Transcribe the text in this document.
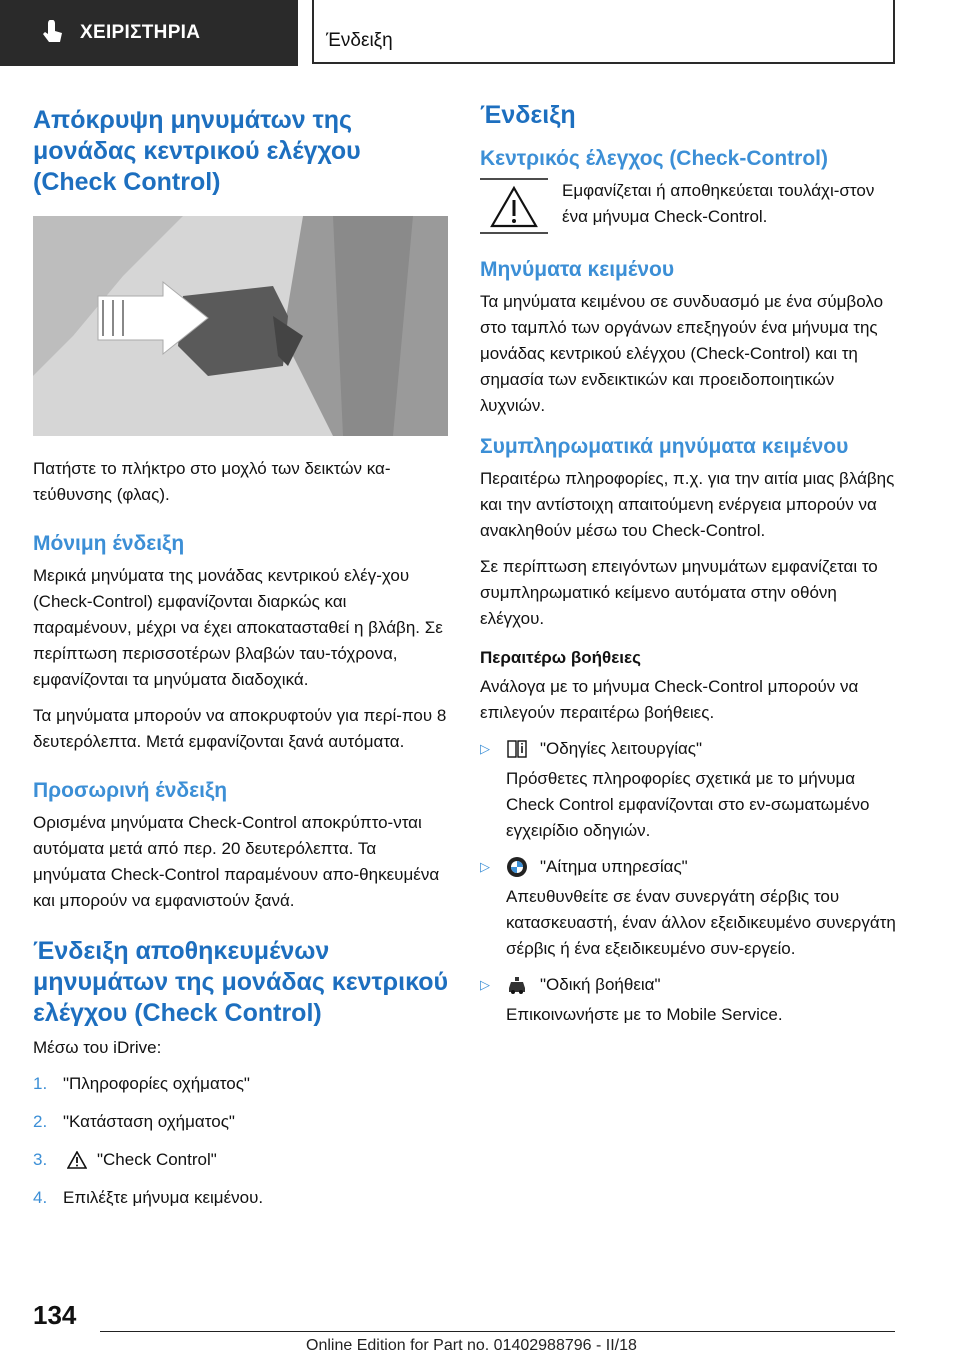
ΧΕΙΡΙΣΤΗΡΙΑ	Ένδειξη
Απόκρυψη μηνυμάτων της μονάδας κεντρικού ελέγχου (Check Control)

Πατήστε το πλήκτρο στο μοχλό των δεικτών κα-τεύθυνσης (φλας).

Μόνιμη ένδειξη

Μερικά μηνύματα της μονάδας κεντρικού ελέγ-χου (Check-Control) εμφανίζονται διαρκώς και παραμένουν, μέχρι να έχει αποκατασταθεί η βλάβη. Σε περίπτωση περισσοτέρων βλαβών ταυ-τόχρονα, εμφανίζονται τα μηνύματα διαδοχικά.

Τα μηνύματα μπορούν να αποκρυφτούν για περί-που 8 δευτερόλεπτα. Μετά εμφανίζονται ξανά αυτόματα.

Προσωρινή ένδειξη

Ορισμένα μηνύματα Check-Control αποκρύπτο-νται αυτόματα μετά από περ. 20 δευτερόλεπτα. Τα μηνύματα Check-Control παραμένουν απο-θηκευμένα και μπορούν να εμφανιστούν ξανά.

Ένδειξη αποθηκευμένων μηνυμάτων της μονάδας κεντρικού ελέγχου (Check Control)

Μέσω του iDrive:

1. "Πληροφορίες οχήματος"
2. "Κατάσταση οχήματος"
3.	"Check Control"
4. Επιλέξτε μήνυμα κειμένου.
Ένδειξη
Κεντρικός έλεγχος (Check-Control)

Εμφανίζεται ή αποθηκεύεται τουλάχι-στον ένα μήνυμα Check-Control.

Μηνύματα κειμένου

Τα μηνύματα κειμένου σε συνδυασμό με ένα σύμβολο στο ταμπλό των οργάνων επεξηγούν ένα μήνυμα της μονάδας κεντρικού ελέγχου (Check-Control) και τη σημασία των ενδεικτικών και προειδοποιητικών λυχνιών.

Συμπληρωματικά μηνύματα κειμένου

Περαιτέρω πληροφορίες, π.χ. για την αιτία μιας βλάβης και την αντίστοιχη απαιτούμενη ενέργεια μπορούν να ανακληθούν μέσω του Check-Control.

Σε περίπτωση επειγόντων μηνυμάτων εμφανίζεται το συμπληρωματικό κείμενο αυτόματα στην οθόνη ελέγχου.

Περαιτέρω βοήθειες

Ανάλογα με το μήνυμα Check-Control μπορούν να επιλεγούν περαιτέρω βοήθειες.

▷	"Οδηγίες λειτουργίας"

Πρόσθετες πληροφορίες σχετικά με το μήνυμα Check Control εμφανίζονται στο εν-σωματωμένο εγχειρίδιο οδηγιών.

▷	"Αίτημα υπηρεσίας"

Απευθυνθείτε σε έναν συνεργάτη σέρβις του κατασκευαστή, έναν άλλον εξειδικευμένο συνεργάτη σέρβις ή ένα εξειδικευμένο συν-εργείο.

▷	"Οδική βοήθεια"

Επικοινωνήστε με το Mobile Service.

134
Online Edition for Part no. 01402988796 - II/18
